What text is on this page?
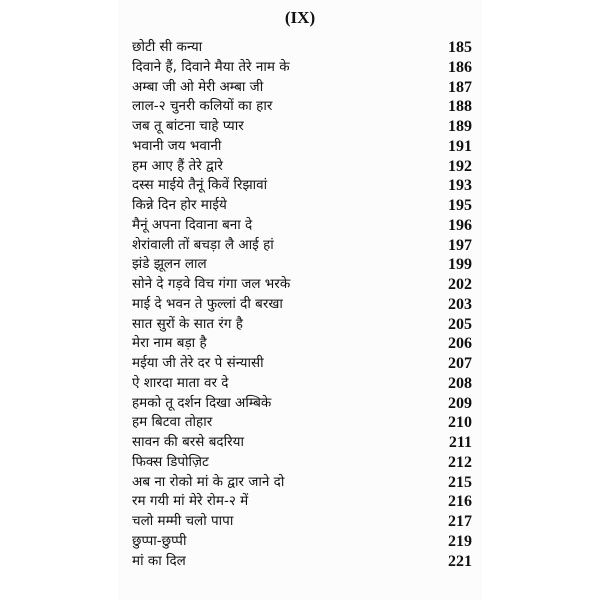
(IX)
छोटी सी कन्या	185
दिवाने हैं, दिवाने मैया तेरे नाम के	186
अम्बा जी ओ मेरी अम्बा जी	187
लाल-२ चुनरी कलियों का हार	188
जब तू बांटना चाहे प्यार	189
भवानी जय भवानी	191
हम आए हैं तेरे द्वारे	192
दस्स माईये तैनूं किवें रिझावां	193
किन्ने दिन होर माईये	195
मैनूं अपना दिवाना बना दे	196
शेरांवाली तों बचड़ा लै आई हां	197
झंडे झूलन लाल	199
सोने दे गड़वे विच गंगा जल भरके	202
माई दे भवन ते फुल्लां दी बरखा	203
सात सुरों के सात रंग है	205
मेरा नाम बड़ा है	206
मईया जी तेरे दर पे संन्यासी	207
ऐ शारदा माता वर दे	208
हमको तू दर्शन दिखा अम्बिके	209
हम बिटवा तोहार	210
सावन की बरसे बदरिया	211
फिक्स डिपोज़िट	212
अब ना रोको मां के द्वार जाने दो	215
रम गयी मां मेरे रोम-२ में	216
चलो मम्मी चलो पापा	217
छुप्पा-छुप्पी	219
मां का दिल	221
